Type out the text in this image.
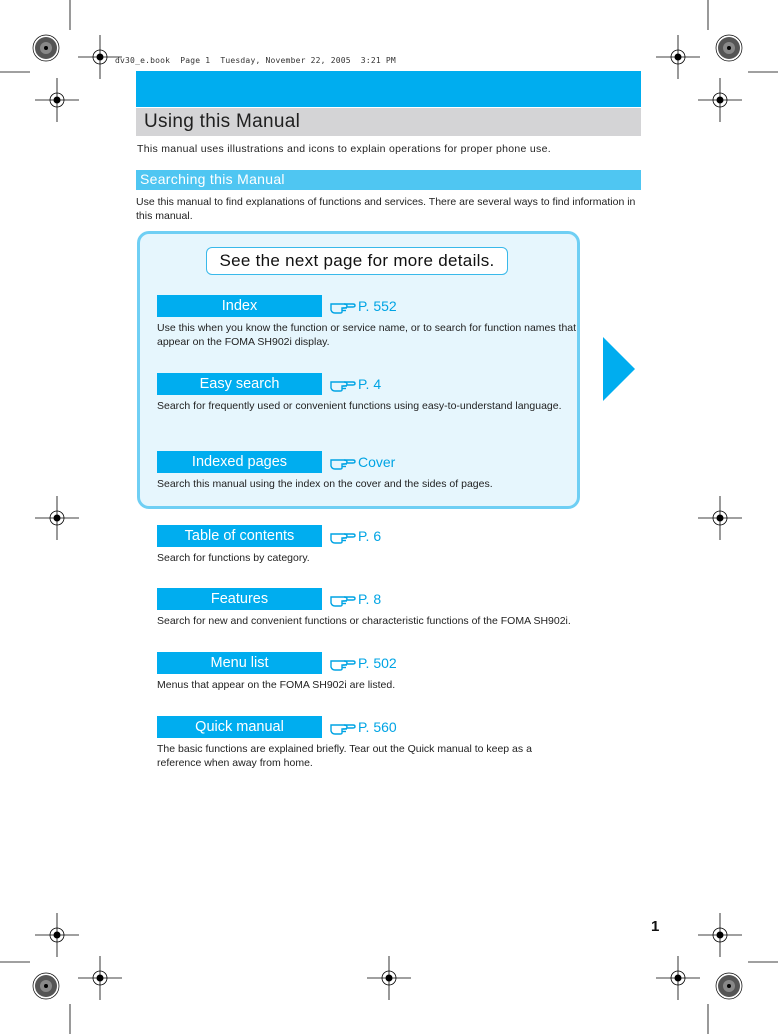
dv30_e.book  Page 1  Tuesday, November 22, 2005  3:21 PM
Using this Manual
This manual uses illustrations and icons to explain operations for proper phone use.
Searching this Manual
Use this manual to find explanations of functions and services. There are several ways to find information in this manual.
See the next page for more details.
Index	P. 552
Use this when you know the function or service name, or to search for function names that appear on the FOMA SH902i display.
Easy search	P. 4
Search for frequently used or convenient functions using easy-to-understand language.
Indexed pages	Cover
Search this manual using the index on the cover and the sides of pages.
Table of contents	P. 6
Search for functions by category.
Features	P. 8
Search for new and convenient functions or characteristic functions of the FOMA SH902i.
Menu list	P. 502
Menus that appear on the FOMA SH902i are listed.
Quick manual	P. 560
The basic functions are explained briefly. Tear out the Quick manual to keep as a reference when away from home.
1
